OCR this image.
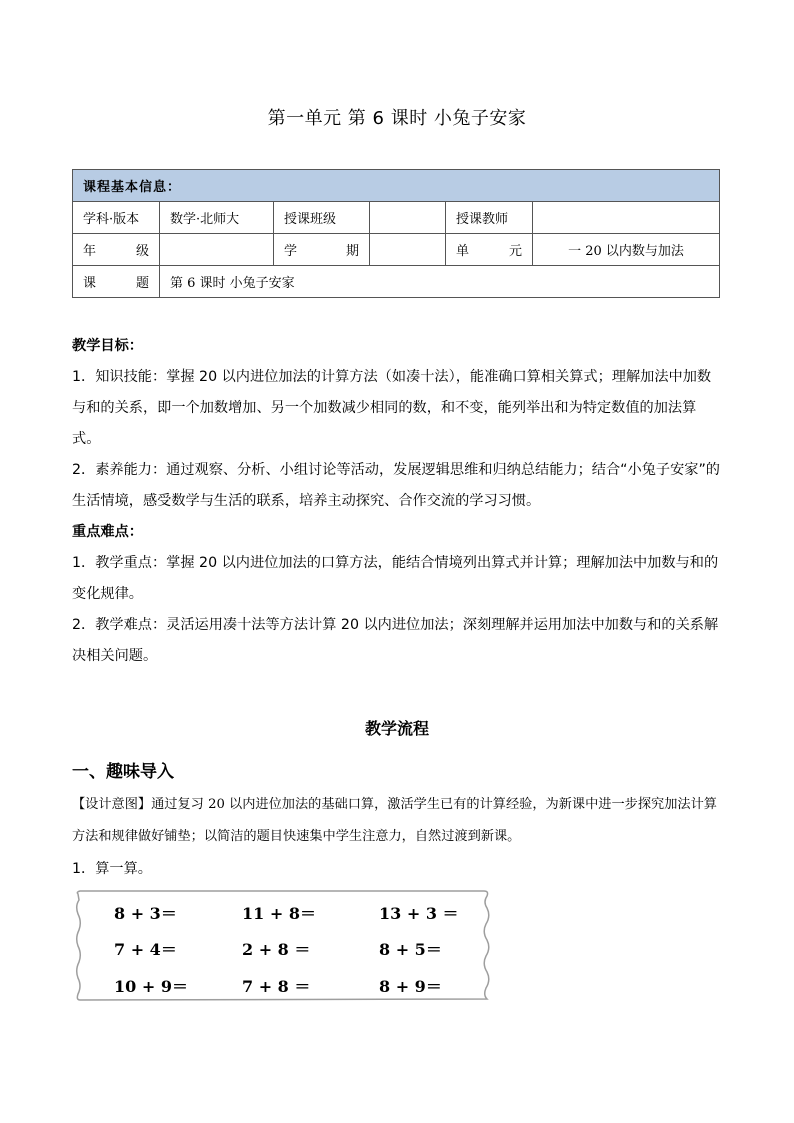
第一单元 第 6 课时 小兔子安家
课程基本信息：					
学科·版本	数学·北师大	授课班级		授课教师	

年 级		学 期		单 元	一 20 以内数与加法

课 题	第 6 课时 小兔子安家				
教学目标：
1．知识技能：掌握 20 以内进位加法的计算方法（如凑十法），能准确口算相关算式；理解加法中加数与和的关系，即一个加数增加、另一个加数减少相同的数，和不变，能列举出和为特定数值的加法算式。
2．素养能力：通过观察、分析、小组讨论等活动，发展逻辑思维和归纳总结能力；结合“小兔子安家”的生活情境，感受数学与生活的联系，培养主动探究、合作交流的学习习惯。
重点难点：
1．教学重点：掌握 20 以内进位加法的口算方法，能结合情境列出算式并计算；理解加法中加数与和的变化规律。
2．教学难点：灵活运用凑十法等方法计算 20 以内进位加法；深刻理解并运用加法中加数与和的关系解决相关问题。
教学流程
一、趣味导入
【设计意图】通过复习 20 以内进位加法的基础口算，激活学生已有的计算经验，为新课中进一步探究加法计算方法和规律做好铺垫；以简洁的题目快速集中学生注意力，自然过渡到新课。
1．算一算。
8 + 3＝	11 + 8＝	13 + 3 ＝
7 + 4＝	2 + 8 ＝	8 + 5＝
10 + 9＝	7 + 8 ＝	8 + 9＝
